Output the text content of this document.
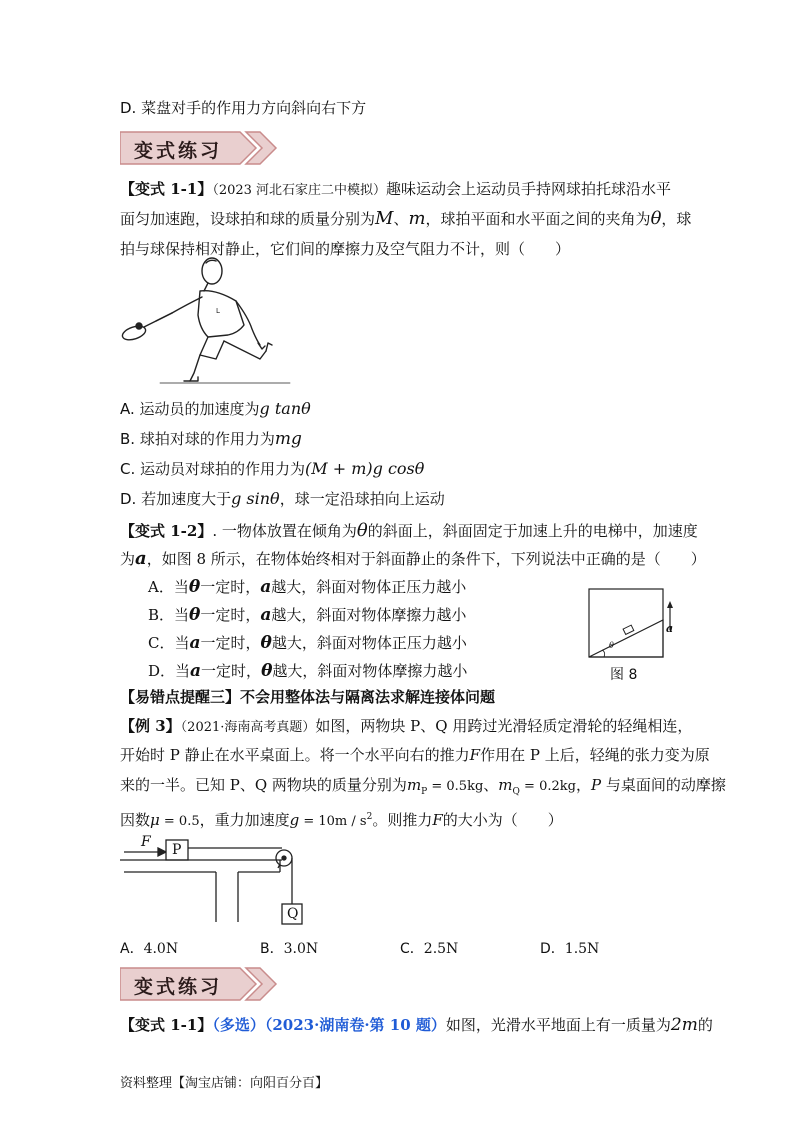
D. 菜盘对手的作用力方向斜向右下方
变式练习
【变式 1-1】（2023 河北石家庄二中模拟）趣味运动会上运动员手持网球拍托球沿水平
面匀加速跑，设球拍和球的质量分别为M、m，球拍平面和水平面之间的夹角为θ，球
拍与球保持相对静止，它们间的摩擦力及空气阻力不计，则（　　）
L
A. 运动员的加速度为g tanθ
B. 球拍对球的作用力为mg
C. 运动员对球拍的作用力为(M + m)g cosθ
D. 若加速度大于g sinθ，球一定沿球拍向上运动
【变式 1-2】. 一物体放置在倾角为θ的斜面上，斜面固定于加速上升的电梯中，加速度
为a，如图 8 所示，在物体始终相对于斜面静止的条件下，下列说法中正确的是（　　）
A．当θ一定时，a越大，斜面对物体正压力越小
B．当θ一定时，a越大，斜面对物体摩擦力越小
C．当a一定时，θ越大，斜面对物体正压力越小
D．当a一定时，θ越大，斜面对物体摩擦力越小
θ
a
图 8
【易错点提醒三】不会用整体法与隔离法求解连接体问题
【例 3】（2021·海南高考真题）如图，两物块 P、Q 用跨过光滑轻质定滑轮的轻绳相连，
开始时 P 静止在水平桌面上。将一个水平向右的推力F作用在 P 上后，轻绳的张力变为原
来的一半。已知 P、Q 两物块的质量分别为$m_P = 0.5kg$、$m_Q = 0.2kg$，P 与桌面间的动摩擦
因数μ = 0.5，重力加速度$g = 10m / s^2$。则推力F的大小为（　　）
F P
Q
A．4.0N	B．3.0N	C．2.5N	D．1.5N
变式练习
【变式 1-1】（多选）（2023·湖南卷·第 10 题）如图，光滑水平地面上有一质量为2m的
资料整理【淘宝店铺：向阳百分百】
